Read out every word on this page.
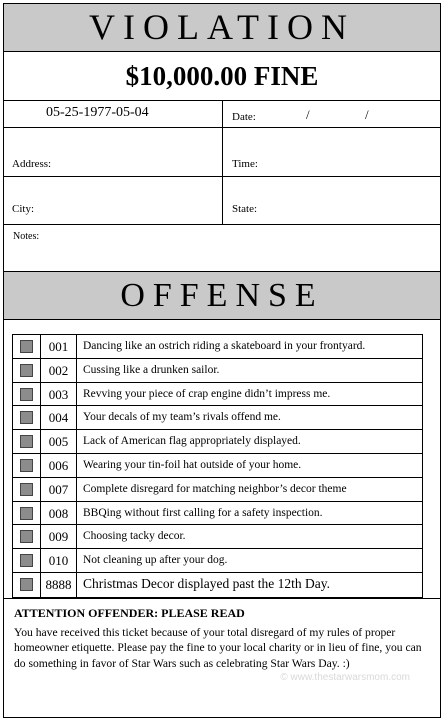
VIOLATION
$10,000.00 FINE
05-25-1977-05-04	Date:	/	/
Address:	Time:
City:	State:
Notes:
OFFENSE
001	Dancing like an ostrich riding a skateboard in your frontyard.
002	Cussing like a drunken sailor.
003	Revving your piece of crap engine didn’t impress me.
004	Your decals of my team’s rivals offend me.
005	Lack of American flag appropriately displayed.
006	Wearing your tin-foil hat outside of your home.
007	Complete disregard for matching neighbor’s decor theme
008	BBQing without first calling for a safety inspection.
009	Choosing tacky decor.
010	Not cleaning up after your dog.
8888 Christmas Decor displayed past the 12th Day.
ATTENTION OFFENDER: PLEASE READ
You have received this ticket because of your total disregard of my rules of proper homeowner etiquette. Please pay the fine to your local charity or in lieu of fine, you can do something in favor of Star Wars such as celebrating Star Wars Day. :)
© www.thestarwarsmom.com
